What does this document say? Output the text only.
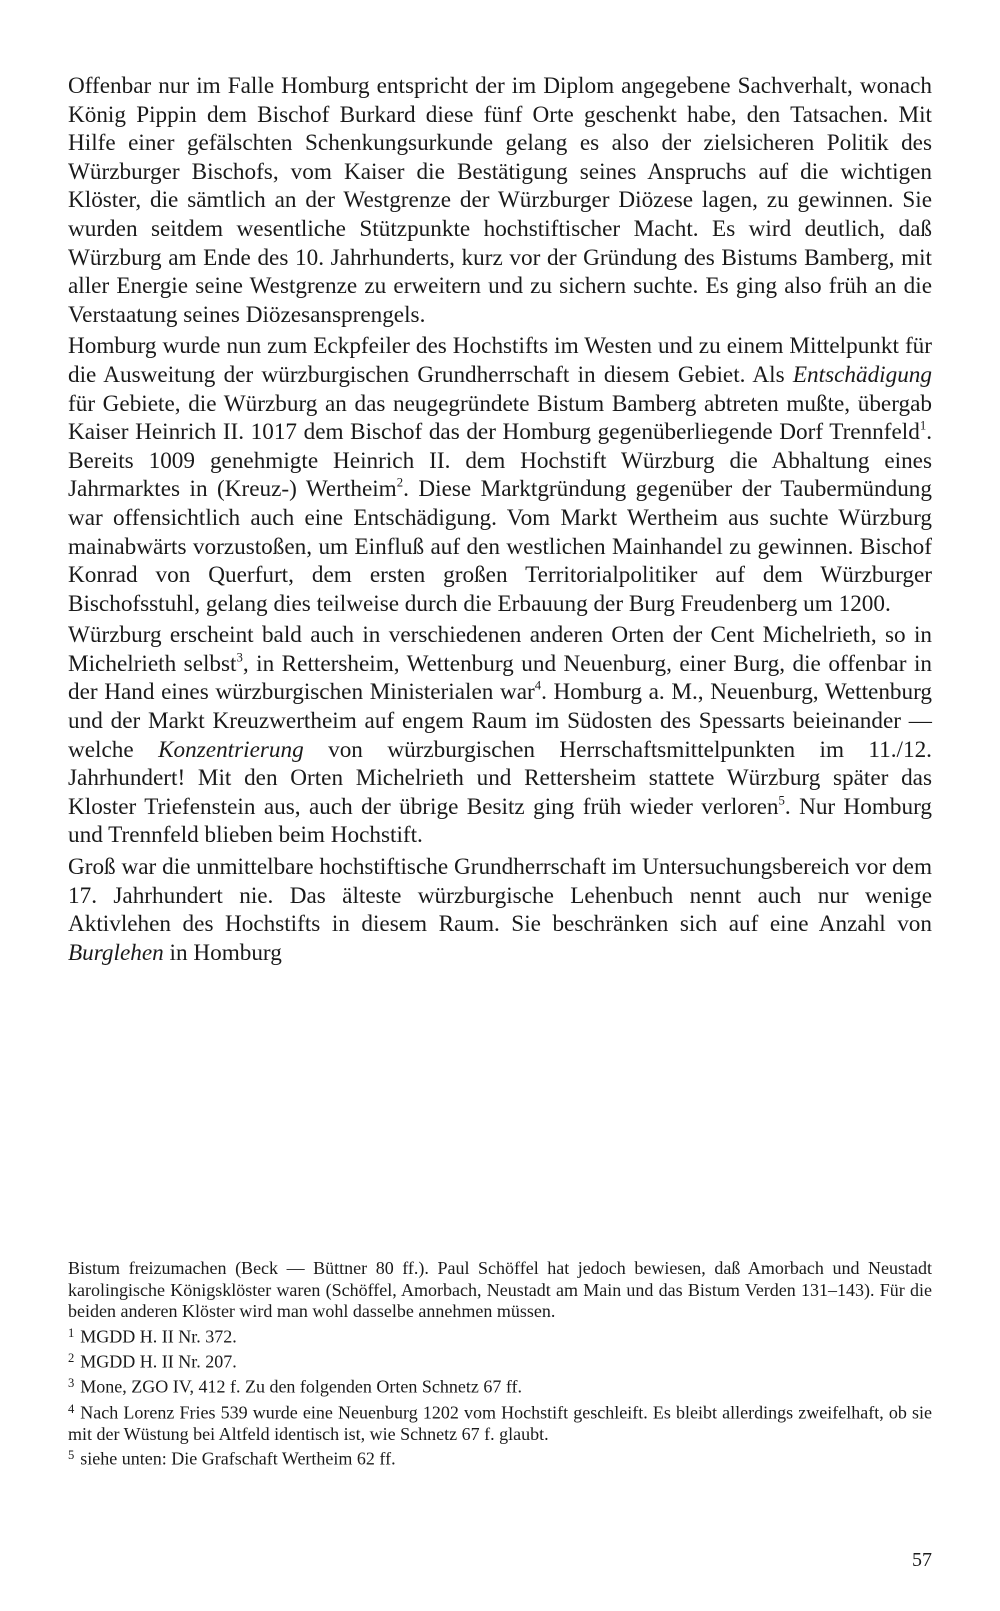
Offenbar nur im Falle Homburg entspricht der im Diplom angegebene Sachverhalt, wonach König Pippin dem Bischof Burkard diese fünf Orte geschenkt habe, den Tatsachen. Mit Hilfe einer gefälschten Schenkungsurkunde gelang es also der zielsicheren Politik des Würzburger Bischofs, vom Kaiser die Bestätigung seines Anspruchs auf die wichtigen Klöster, die sämtlich an der Westgrenze der Würzburger Diözese lagen, zu gewinnen. Sie wurden seitdem wesentliche Stützpunkte hochstiftischer Macht. Es wird deutlich, daß Würzburg am Ende des 10. Jahrhunderts, kurz vor der Gründung des Bistums Bamberg, mit aller Energie seine Westgrenze zu erweitern und zu sichern suchte. Es ging also früh an die Verstaatung seines Diözesansprengels.

Homburg wurde nun zum Eckpfeiler des Hochstifts im Westen und zu einem Mittelpunkt für die Ausweitung der würzburgischen Grundherrschaft in diesem Gebiet. Als Entschädigung für Gebiete, die Würzburg an das neugegründete Bistum Bamberg abtreten mußte, übergab Kaiser Heinrich II. 1017 dem Bischof das der Homburg gegenüberliegende Dorf Trennfeld$^1$. Bereits 1009 genehmigte Heinrich II. dem Hochstift Würzburg die Abhaltung eines Jahrmarktes in (Kreuz-) Wertheim$^2$. Diese Marktgründung gegenüber der Taubermündung war offensichtlich auch eine Entschädigung. Vom Markt Wertheim aus suchte Würzburg mainabwärts vorzustoßen, um Einfluß auf den westlichen Mainhandel zu gewinnen. Bischof Konrad von Querfurt, dem ersten großen Territorialpolitiker auf dem Würzburger Bischofsstuhl, gelang dies teilweise durch die Erbauung der Burg Freudenberg um 1200.

Würzburg erscheint bald auch in verschiedenen anderen Orten der Cent Michelrieth, so in Michelrieth selbst$^3$, in Rettersheim, Wettenburg und Neuenburg, einer Burg, die offenbar in der Hand eines würzburgischen Ministerialen war$^4$. Homburg a. M., Neuenburg, Wettenburg und der Markt Kreuzwertheim auf engem Raum im Südosten des Spessarts beieinander — welche Konzentrierung von würzburgischen Herrschaftsmittelpunkten im 11./12. Jahrhundert! Mit den Orten Michelrieth und Rettersheim stattete Würzburg später das Kloster Triefenstein aus, auch der übrige Besitz ging früh wieder verloren$^5$. Nur Homburg und Trennfeld blieben beim Hochstift.

Groß war die unmittelbare hochstiftische Grundherrschaft im Untersuchungsbereich vor dem 17. Jahrhundert nie. Das älteste würzburgische Lehenbuch nennt auch nur wenige Aktivlehen des Hochstifts in diesem Raum. Sie beschränken sich auf eine Anzahl von Burglehen in Homburg

Bistum freizumachen (Beck — Büttner 80 ff.). Paul Schöffel hat jedoch bewiesen, daß Amorbach und Neustadt karolingische Königsklöster waren (Schöffel, Amorbach, Neustadt am Main und das Bistum Verden 131–143). Für die beiden anderen Klöster wird man wohl dasselbe annehmen müssen.

$^1$ MGDD H. II Nr. 372.

$^2$ MGDD H. II Nr. 207.

$^3$ Mone, ZGO IV, 412 f. Zu den folgenden Orten Schnetz 67 ff.

$^4$ Nach Lorenz Fries 539 wurde eine Neuenburg 1202 vom Hochstift geschleift. Es bleibt allerdings zweifelhaft, ob sie mit der Wüstung bei Altfeld identisch ist, wie Schnetz 67 f. glaubt.

$^5$ siehe unten: Die Grafschaft Wertheim 62 ff.

57
